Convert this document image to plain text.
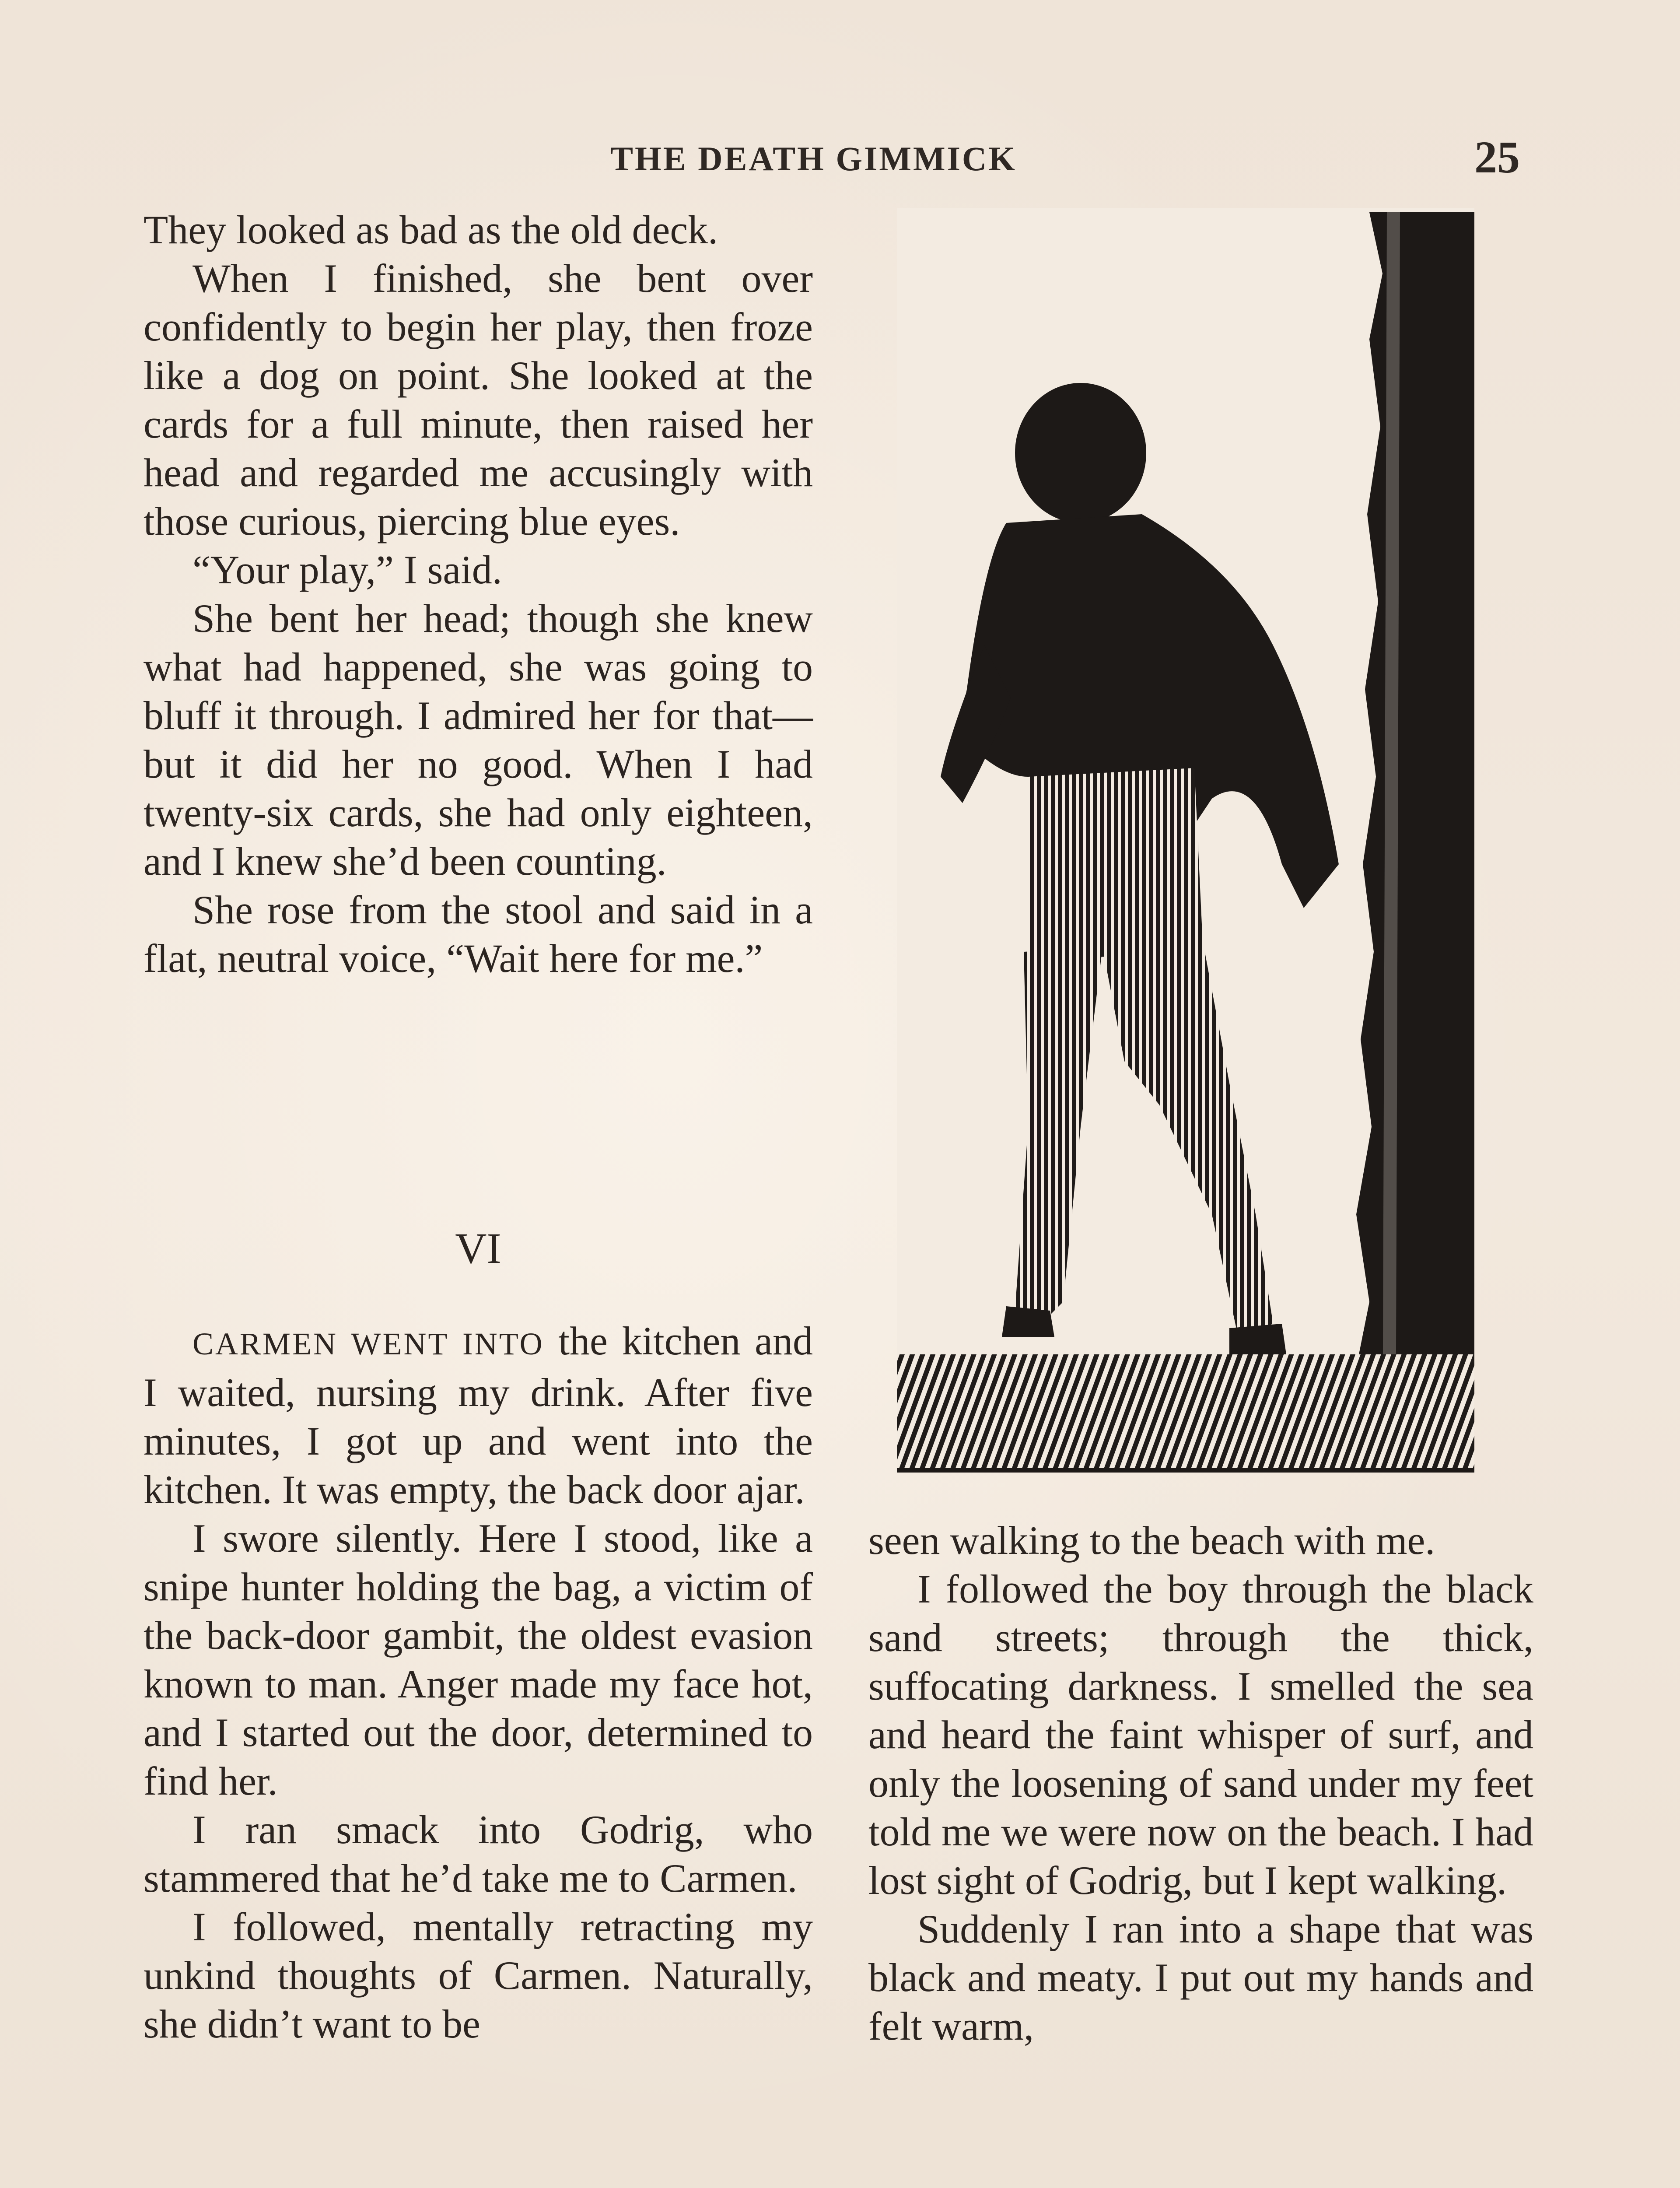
THE DEATH GIMMICK	25

They looked as bad as the old deck.

When I finished, she bent over confidently to begin her play, then froze like a dog on point. She looked at the cards for a full minute, then raised her head and regarded me accusingly with those curious, piercing blue eyes.

“Your play,” I said.

She bent her head; though she knew what had happened, she was going to bluff it through. I admired her for that—but it did her no good. When I had twenty-six cards, she had only eighteen, and I knew she’d been counting.

She rose from the stool and said in a flat, neutral voice, “Wait here for me.”

VI

CARMEN WENT INTO the kitchen and I waited, nursing my drink. After five minutes, I got up and went into the kitchen. It was empty, the back door ajar.

I swore silently. Here I stood, like a snipe hunter holding the bag, a victim of the back-door gambit, the oldest evasion known to man. Anger made my face hot, and I started out the door, determined to find her.

I ran smack into Godrig, who stammered that he’d take me to Carmen.

I followed, mentally retracting my unkind thoughts of Carmen. Naturally, she didn’t want to be

seen walking to the beach with me.

I followed the boy through the black sand streets; through the thick, suffocating darkness. I smelled the sea and heard the faint whisper of surf, and only the loosening of sand under my feet told me we were now on the beach. I had lost sight of Godrig, but I kept walking.

Suddenly I ran into a shape that was black and meaty. I put out my hands and felt warm,
